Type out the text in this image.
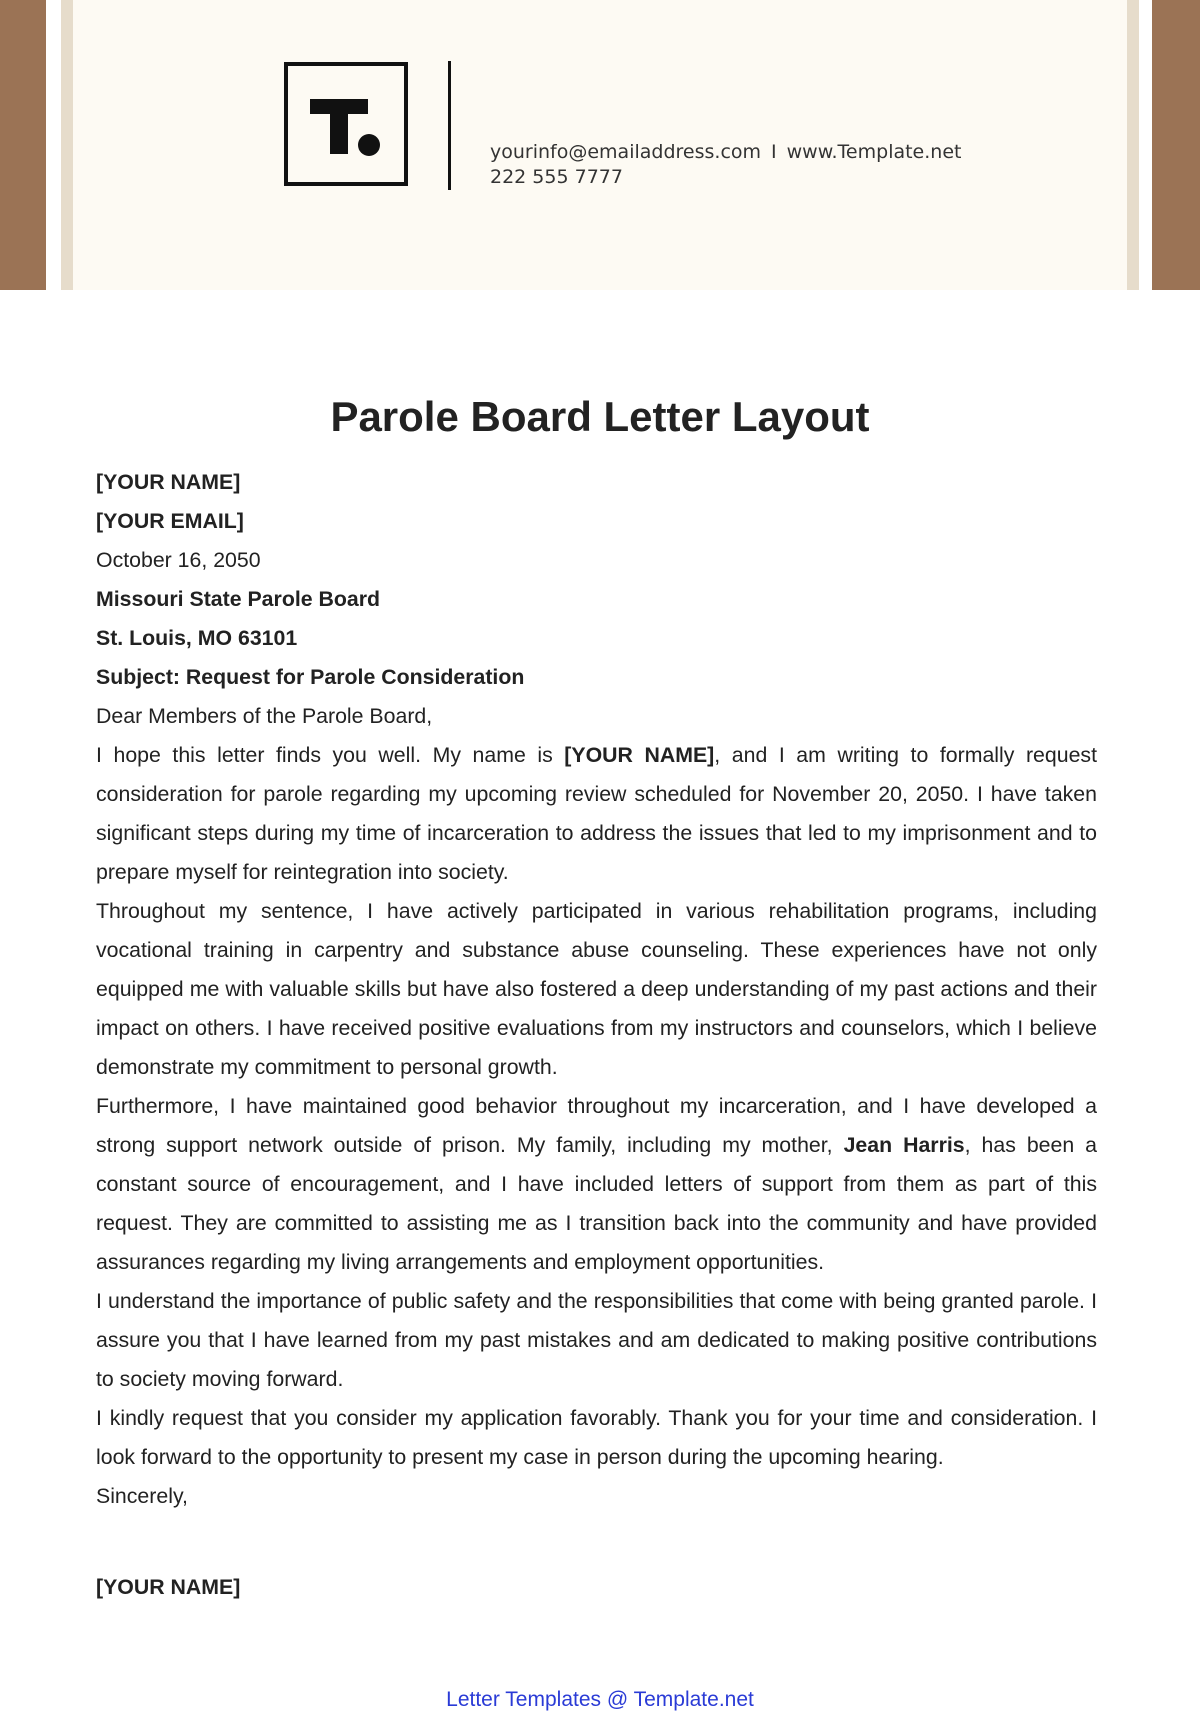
yourinfo@emailaddress.com I www.Template.net
222 555 7777
Parole Board Letter Layout

[YOUR NAME]

[YOUR EMAIL]

October 16, 2050

Missouri State Parole Board

St. Louis, MO 63101

Subject: Request for Parole Consideration

Dear Members of the Parole Board,

I hope this letter finds you well. My name is [YOUR NAME], and I am writing to formally request consideration for parole regarding my upcoming review scheduled for November 20, 2050. I have taken significant steps during my time of incarceration to address the issues that led to my imprisonment and to prepare myself for reintegration into society.

Throughout my sentence, I have actively participated in various rehabilitation programs, including vocational training in carpentry and substance abuse counseling. These experiences have not only equipped me with valuable skills but have also fostered a deep understanding of my past actions and their impact on others. I have received positive evaluations from my instructors and counselors, which I believe demonstrate my commitment to personal growth.

Furthermore, I have maintained good behavior throughout my incarceration, and I have developed a strong support network outside of prison. My family, including my mother, Jean Harris, has been a constant source of encouragement, and I have included letters of support from them as part of this request. They are committed to assisting me as I transition back into the community and have provided assurances regarding my living arrangements and employment opportunities.

I understand the importance of public safety and the responsibilities that come with being granted parole. I assure you that I have learned from my past mistakes and am dedicated to making positive contributions to society moving forward.

I kindly request that you consider my application favorably. Thank you for your time and consideration. I look forward to the opportunity to present my case in person during the upcoming hearing.

Sincerely,

[YOUR NAME]

Letter Templates @ Template.net
